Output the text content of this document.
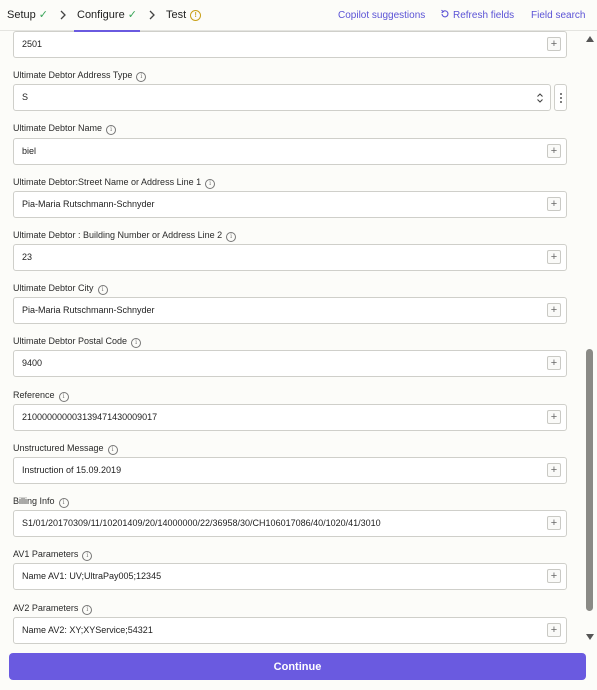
Setup ✓	Configure ✓	Test !	Copilot suggestions	Refresh fields Field search
2501	+
Ultimate Debtor Address Type i
S
Ultimate Debtor Name i
biel	+
Ultimate Debtor:Street Name or Address Line 1 i
Pia-Maria Rutschmann-Schnyder	+
Ultimate Debtor : Building Number or Address Line 2 i
23	+
Ultimate Debtor City i
Pia-Maria Rutschmann-Schnyder	+
Ultimate Debtor Postal Code i
9400	+
Reference i
210000000003139471430009017	+
Unstructured Message i
Instruction of 15.09.2019	+
Billing Info i
S1/01/20170309/11/10201409/20/14000000/22/36958/30/CH106017086/40/1020/41/3010	+
AV1 Parameters i
Name AV1: UV;UltraPay005;12345	+
AV2 Parameters i
Name AV2: XY;XYService;54321	+
Continue
